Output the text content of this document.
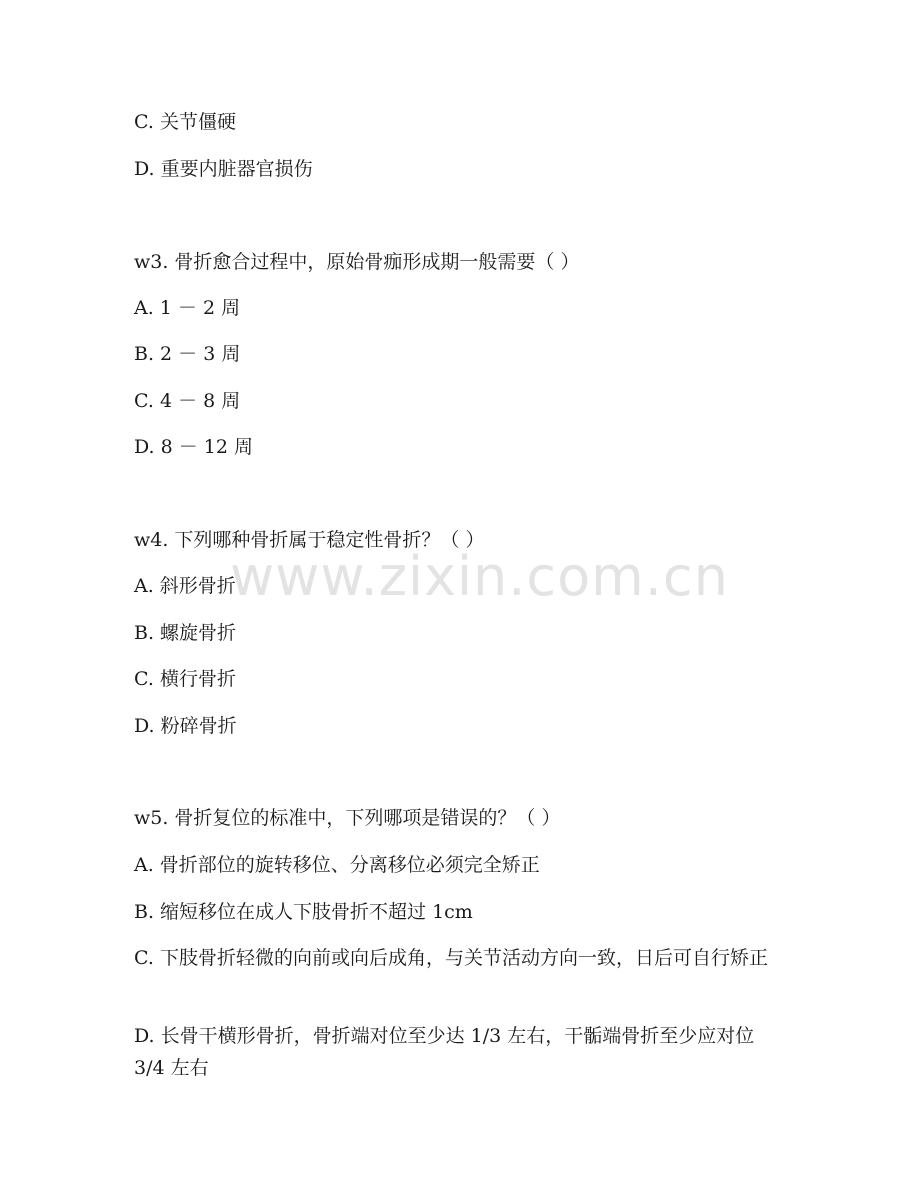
www.zixin.com.cn
C. 关节僵硬
D. 重要内脏器官损伤
w3. 骨折愈合过程中，原始骨痂形成期一般需要（ ）
A. 1 － 2 周
B. 2 － 3 周
C. 4 － 8 周
D. 8 － 12 周
w4. 下列哪种骨折属于稳定性骨折？（ ）
A. 斜形骨折
B. 螺旋骨折
C. 横行骨折
D. 粉碎骨折
w5. 骨折复位的标准中，下列哪项是错误的？（ ）
A. 骨折部位的旋转移位、分离移位必须完全矫正
B. 缩短移位在成人下肢骨折不超过 1cm
C. 下肢骨折轻微的向前或向后成角，与关节活动方向一致，日后可自行矫正
D. 长骨干横形骨折，骨折端对位至少达 1/3 左右，干骺端骨折至少应对位 3/4 左右
